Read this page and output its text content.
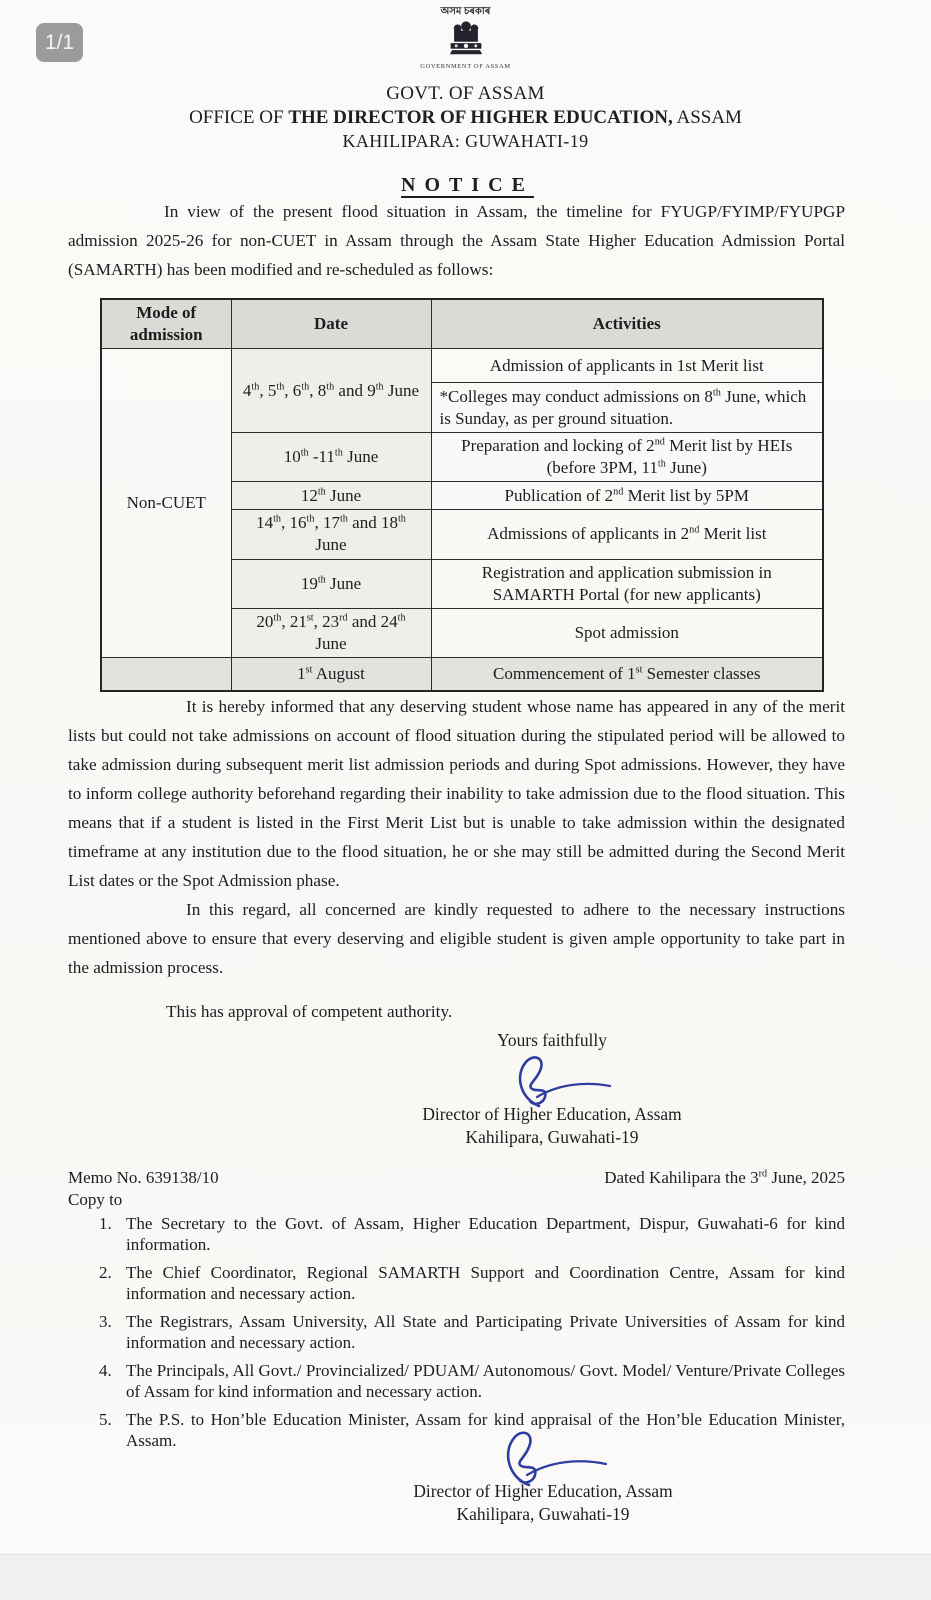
1/1
অসম চৰকাৰ
GOVERNMENT OF ASSAM
GOVT. OF ASSAM
OFFICE OF THE DIRECTOR OF HIGHER EDUCATION, ASSAM
KAHILIPARA: GUWAHATI-19
NOTICE

In view of the present flood situation in Assam, the timeline for FYUGP/FYIMP/FYUPGP admission 2025-26 for non-CUET in Assam through the Assam State Higher Education Admission Portal (SAMARTH) has been modified and re-scheduled as follows:

Mode of admission	Date	Activities
Non-CUET	4th, 5th, 6th, 8th and 9th June	Admission of applicants in 1st Merit list
		*Colleges may conduct admissions on 8th June, which is Sunday, as per ground situation.
	10th -11th June	Preparation and locking of 2nd Merit list by HEIs (before 3PM, 11th June)
	12th June	Publication of 2nd Merit list by 5PM
	14th, 16th, 17th and 18th June	Admissions of applicants in 2nd Merit list
	19th June	Registration and application submission in SAMARTH Portal (for new applicants)
	20th, 21st, 23rd and 24th June	Spot admission
	1st August	Commencement of 1st Semester classes

It is hereby informed that any deserving student whose name has appeared in any of the merit lists but could not take admissions on account of flood situation during the stipulated period will be allowed to take admission during subsequent merit list admission periods and during Spot admissions. However, they have to inform college authority beforehand regarding their inability to take admission due to the flood situation. This means that if a student is listed in the First Merit List but is unable to take admission within the designated timeframe at any institution due to the flood situation, he or she may still be admitted during the Second Merit List dates or the Spot Admission phase.

In this regard, all concerned are kindly requested to adhere to the necessary instructions mentioned above to ensure that every deserving and eligible student is given ample opportunity to take part in the admission process.

This has approval of competent authority.
Yours faithfully
Director of Higher Education, Assam
Kahilipara, Guwahati-19
Memo No. 639138/10
Copy to
Dated Kahilipara the 3rd June, 2025
1. The Secretary to the Govt. of Assam, Higher Education Department, Dispur, Guwahati-6 for kind information.
2. The Chief Coordinator, Regional SAMARTH Support and Coordination Centre, Assam for kind information and necessary action.
3. The Registrars, Assam University, All State and Participating Private Universities of Assam for kind information and necessary action.
4. The Principals, All Govt./ Provincialized/ PDUAM/ Autonomous/ Govt. Model/ Venture/Private Colleges of Assam for kind information and necessary action.
5. The P.S. to Hon’ble Education Minister, Assam for kind appraisal of the Hon’ble Education Minister, Assam.
Director of Higher Education, Assam
Kahilipara, Guwahati-19
